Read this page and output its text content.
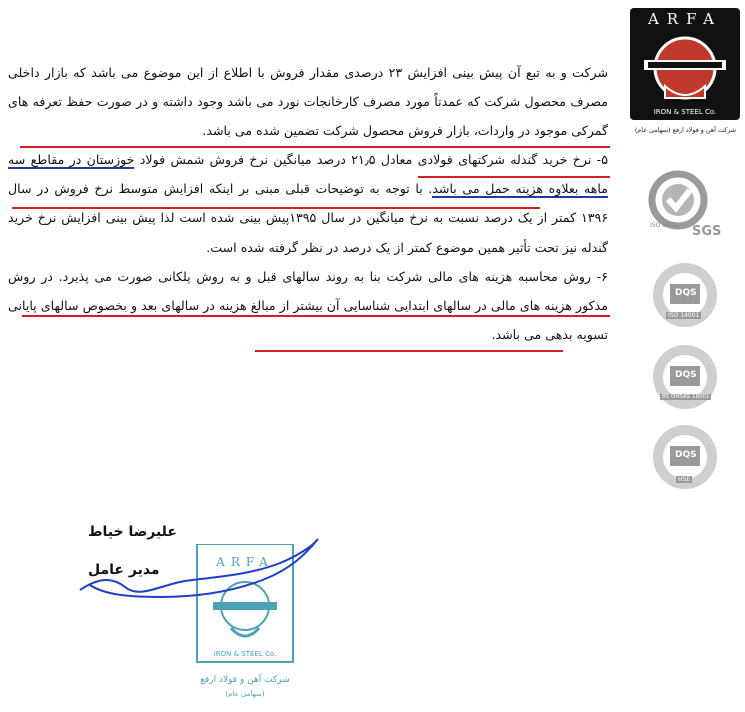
شرکت و به تبع آن پیش بینی افزایش ۲۳ درصدی مقدار فروش با اطلاع از این موضوع می باشد که بازار داخلی مصرف محصول شرکت که عمدتاً مورد مصرف کارخانجات نورد می باشد وجود داشته و در صورت حفظ تعرفه های گمرکی موجود در واردات، بازار فروش محصول شرکت تضمین شده می باشد.

۵- نرخ خرید گندله شرکتهای فولادی معادل ۲۱٫۵ درصد میانگین نرخ فروش شمش فولاد خوزستان در مقاطع سه ماهه بعلاوه هزینه حمل می باشد. با توجه به توضیحات قبلی مبنی بر اینکه افزایش متوسط نرخ فروش در سال ۱۳۹۶ کمتر از یک درصد نسبت به نرخ میانگین در سال ۱۳۹۵پیش بینی شده است لذا پیش بینی افزایش نرخ خرید گندله نیز تحت تأثیر همین موضوع کمتر از یک درصد در نظر گرفته شده است.

۶- روش محاسبه هزینه های مالی شرکت بنا به روند سالهای قبل و به روش پلکانی صورت می پذیرد. در روش مذکور هزینه های مالی در سالهای ابتدایی شناسایی آن بیشتر از مبالغ هزینه در سالهای بعد و بخصوص سالهای پایانی تسویه بدهی می باشد.

ARFA
IRON & STEEL Co.
شرکت آهن و فولاد ارفع (سهامی عام)
ISO 9001 SGS
DQS
ISO 14001
DQS
BS OHSAS 18001
DQS
HSE
علیرضا خیاط
مدیر عامل	ARFA
IRON & STEEL Co.
شرکت آهن و فولاد ارفع
(سهامی عام)
